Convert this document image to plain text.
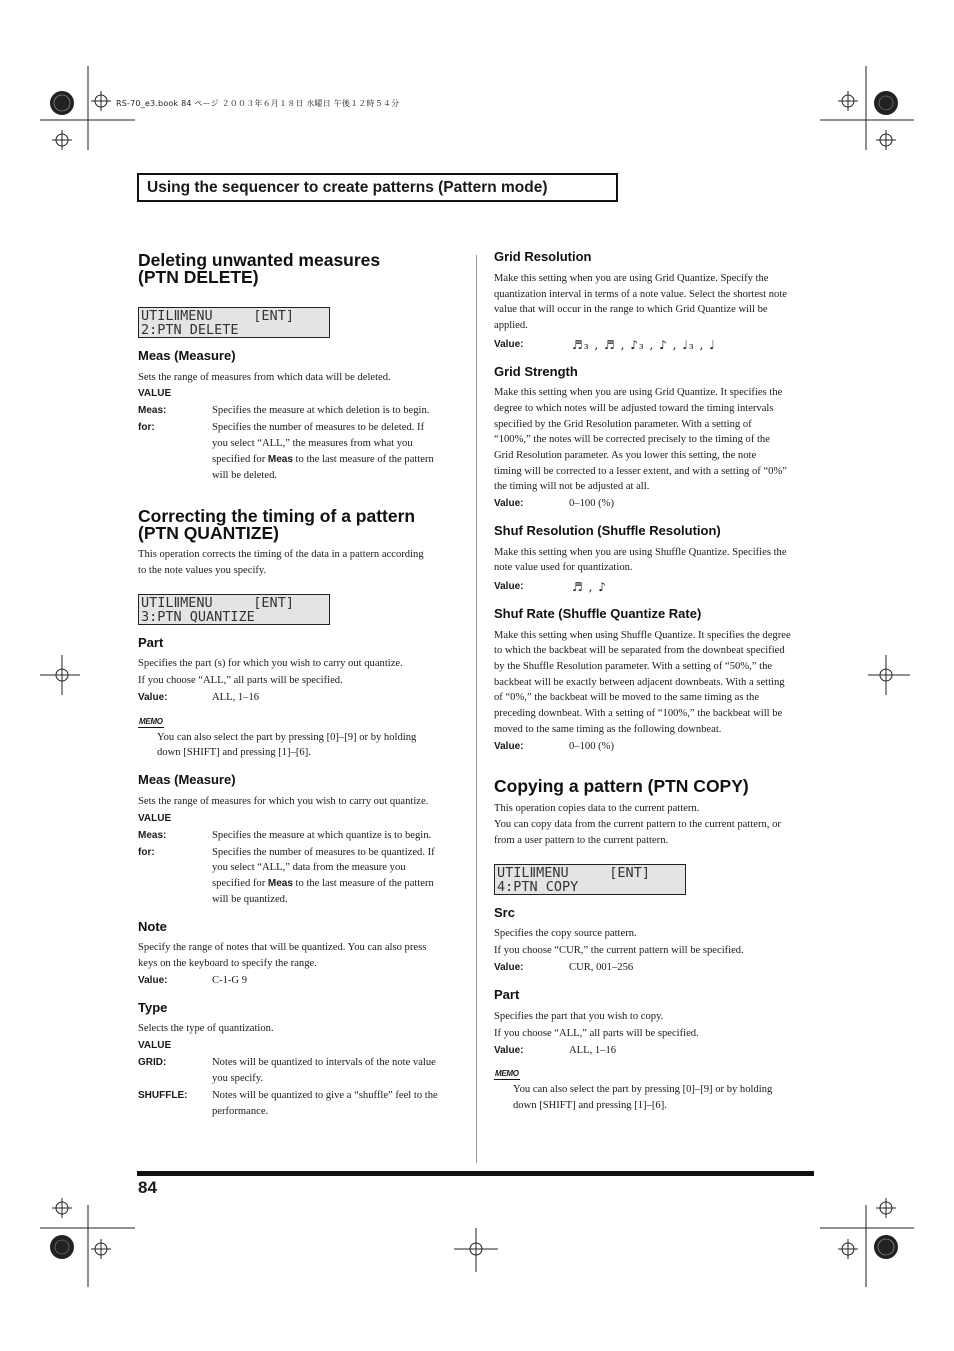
RS-70_e3.book 84 ページ ２００３年６月１８日 水曜日 午後１２時５４分
Using the sequencer to create patterns (Pattern mode)
Deleting unwanted measures
(PTN DELETE)
UTILⅡMENU     [ENT]
2:PTN DELETE
Meas (Measure)
Sets the range of measures from which data will be deleted.
VALUE
Meas:	Specifies the measure at which deletion is to begin.
for:	Specifies the number of measures to be deleted. If
you select “ALL,” the measures from what you
specified for Meas to the last measure of the pattern
will be deleted.
Correcting the timing of a pattern
(PTN QUANTIZE)
This operation corrects the timing of the data in a pattern according
to the note values you specify.
UTILⅡMENU     [ENT]
3:PTN QUANTIZE
Part
Specifies the part (s) for which you wish to carry out quantize.
If you choose “ALL,” all parts will be specified.
Value:	ALL, 1–16
MEMO
You can also select the part by pressing [0]–[9] or by holding
down [SHIFT] and pressing [1]–[6].
Meas (Measure)
Sets the range of measures for which you wish to carry out quantize.
VALUE
Meas:	Specifies the measure at which quantize is to begin.
for:	Specifies the number of measures to be quantized. If
you select “ALL,” data from the measure you
specified for Meas to the last measure of the pattern
will be quantized.
Note
Specify the range of notes that will be quantized. You can also press
keys on the keyboard to specify the range.
Value:	C-1-G 9
Type
Selects the type of quantization.
VALUE
GRID:	Notes will be quantized to intervals of the note value
you specify.
SHUFFLE: Notes will be quantized to give a “shuffle” feel to the
performance.
Grid Resolution
Make this setting when you are using Grid Quantize. Specify the
quantization interval in terms of a note value. Select the shortest note
value that will occur in the range to which Grid Quantize will be
applied.
Value:	♬₃ , ♬ , ♪₃ , ♪ , ♩₃ , ♩
Grid Strength
Make this setting when you are using Grid Quantize. It specifies the
degree to which notes will be adjusted toward the timing intervals
specified by the Grid Resolution parameter. With a setting of
“100%,” the notes will be corrected precisely to the timing of the
Grid Resolution parameter. As you lower this setting, the note
timing will be corrected to a lesser extent, and with a setting of “0%”
the timing will not be adjusted at all.
Value:	0–100 (%)
Shuf Resolution (Shuffle Resolution)
Make this setting when you are using Shuffle Quantize. Specifies the
note value used for quantization.
Value:	♬ , ♪
Shuf Rate (Shuffle Quantize Rate)
Make this setting when using Shuffle Quantize. It specifies the degree
to which the backbeat will be separated from the downbeat specified
by the Shuffle Resolution parameter. With a setting of “50%,” the
backbeat will be exactly between adjacent downbeats. With a setting
of “0%,” the backbeat will be moved to the same timing as the
preceding downbeat. With a setting of “100%,” the backbeat will be
moved to the same timing as the following downbeat.
Value:	0–100 (%)
Copying a pattern (PTN COPY)
This operation copies data to the current pattern.
You can copy data from the current pattern to the current pattern, or
from a user pattern to the current pattern.
UTILⅡMENU     [ENT]
4:PTN COPY
Src
Specifies the copy source pattern.
If you choose “CUR,” the current pattern will be specified.
Value:	CUR, 001–256
Part
Specifies the part that you wish to copy.
If you choose “ALL,” all parts will be specified.
Value:	ALL, 1–16
MEMO
You can also select the part by pressing [0]–[9] or by holding
down [SHIFT] and pressing [1]–[6].
84
